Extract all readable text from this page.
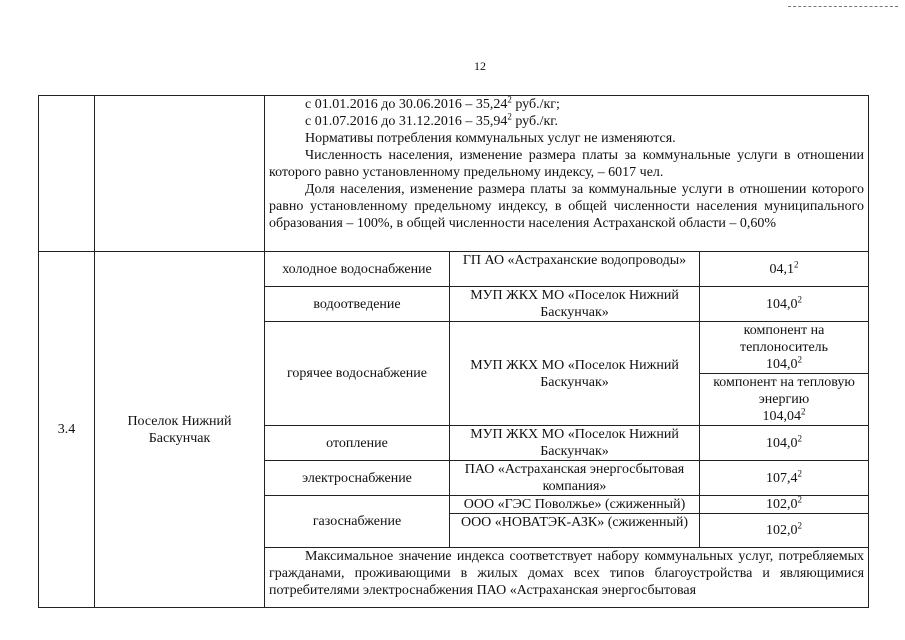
12

		с 01.01.2016 до 30.06.2016 – 35,24$^2$ руб./кг;
с 01.07.2016 до 31.12.2016 – 35,94$^2$ руб./кг.

Нормативы потребления коммунальных услуг не изменяются.

Численность населения, изменение размера платы за коммунальные услуги в отношении которого равно установленному предельному индексу, – 6017 чел.

Доля населения, изменение размера платы за коммунальные услуги в отношении которого равно установленному предельному индексу, в общей численности населения муниципального образования – 100%, в общей численности населения Астраханской области – 0,60%		

3.4	Поселок Нижний Баскунчак	холодное водоснабжение	ГП АО «Астраханские водопроводы»	04,1$^2$
		водоотведение	МУП ЖКХ МО «Поселок Нижний Баскунчак»	104,0$^2$
		горячее водоснабжение	МУП ЖКХ МО «Поселок Нижний Баскунчак»	компонент на теплоноситель
104,0$^2$

				компонент на тепловую энергию
104,04$^2$

		отопление	МУП ЖКХ МО «Поселок Нижний Баскунчак»	104,0$^2$
		электроснабжение	ПАО «Астраханская энергосбытовая компания»	107,4$^2$
		газоснабжение	ООО «ГЭС Поволжье» (сжиженный)	102,0$^2$
			ООО «НОВАТЭК-АЗК» (сжиженный)	102,0$^2$
		Максимальное значение индекса соответствует набору коммунальных услуг, потребляемых гражданами, проживающими в жилых домах всех типов благоустройства и являющимися потребителями электроснабжения ПАО «Астраханская энергосбытовая		
